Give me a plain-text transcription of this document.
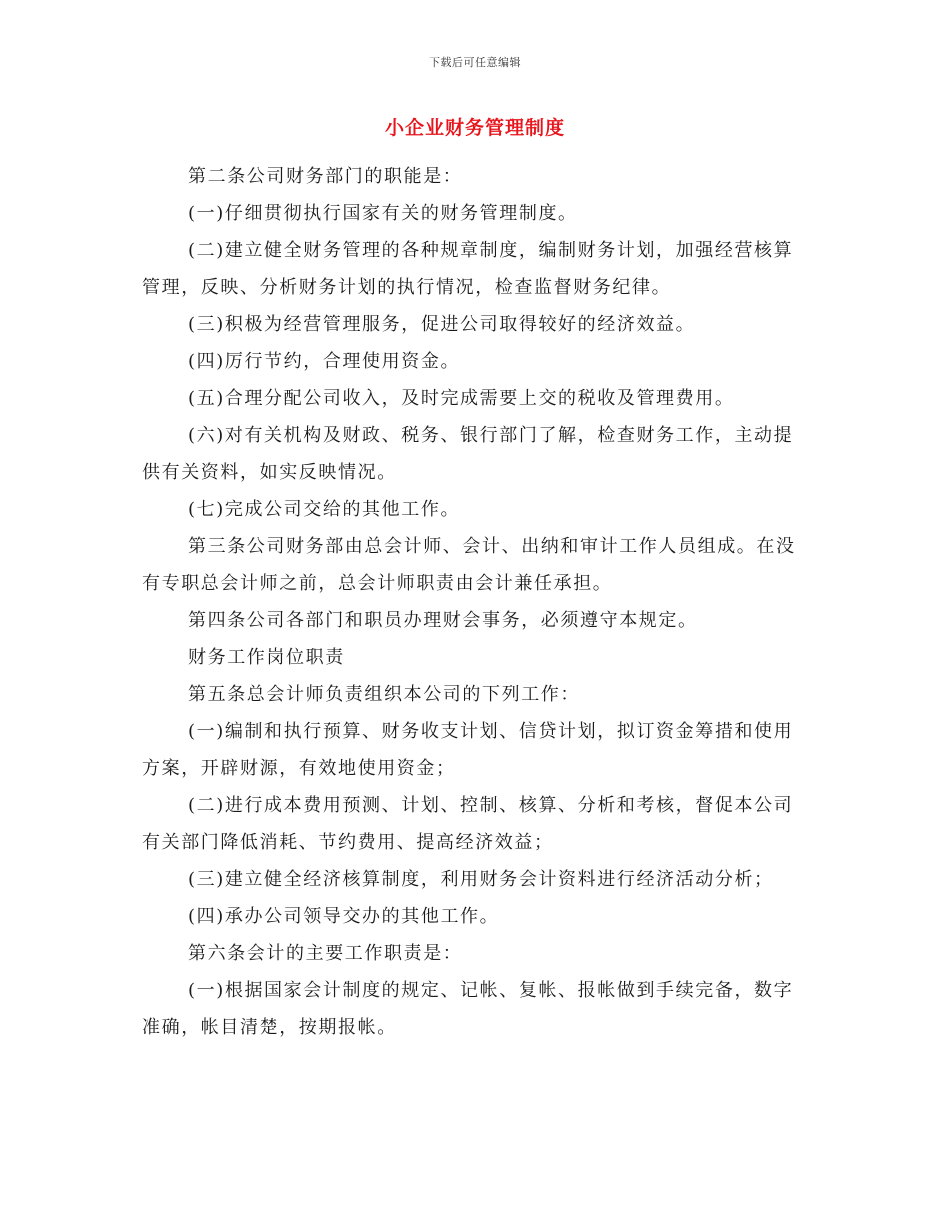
下载后可任意编辑
小企业财务管理制度

第二条公司财务部门的职能是：

(一)仔细贯彻执行国家有关的财务管理制度。

(二)建立健全财务管理的各种规章制度，编制财务计划，加强经营核算管理，反映、分析财务计划的执行情况，检查监督财务纪律。

(三)积极为经营管理服务，促进公司取得较好的经济效益。

(四)厉行节约，合理使用资金。

(五)合理分配公司收入，及时完成需要上交的税收及管理费用。

(六)对有关机构及财政、税务、银行部门了解，检查财务工作，主动提供有关资料，如实反映情况。

(七)完成公司交给的其他工作。

第三条公司财务部由总会计师、会计、出纳和审计工作人员组成。在没有专职总会计师之前，总会计师职责由会计兼任承担。

第四条公司各部门和职员办理财会事务，必须遵守本规定。

财务工作岗位职责

第五条总会计师负责组织本公司的下列工作：

(一)编制和执行预算、财务收支计划、信贷计划，拟订资金筹措和使用方案，开辟财源，有效地使用资金；

(二)进行成本费用预测、计划、控制、核算、分析和考核，督促本公司有关部门降低消耗、节约费用、提高经济效益；

(三)建立健全经济核算制度，利用财务会计资料进行经济活动分析；

(四)承办公司领导交办的其他工作。

第六条会计的主要工作职责是：

(一)根据国家会计制度的规定、记帐、复帐、报帐做到手续完备，数字准确，帐目清楚，按期报帐。
